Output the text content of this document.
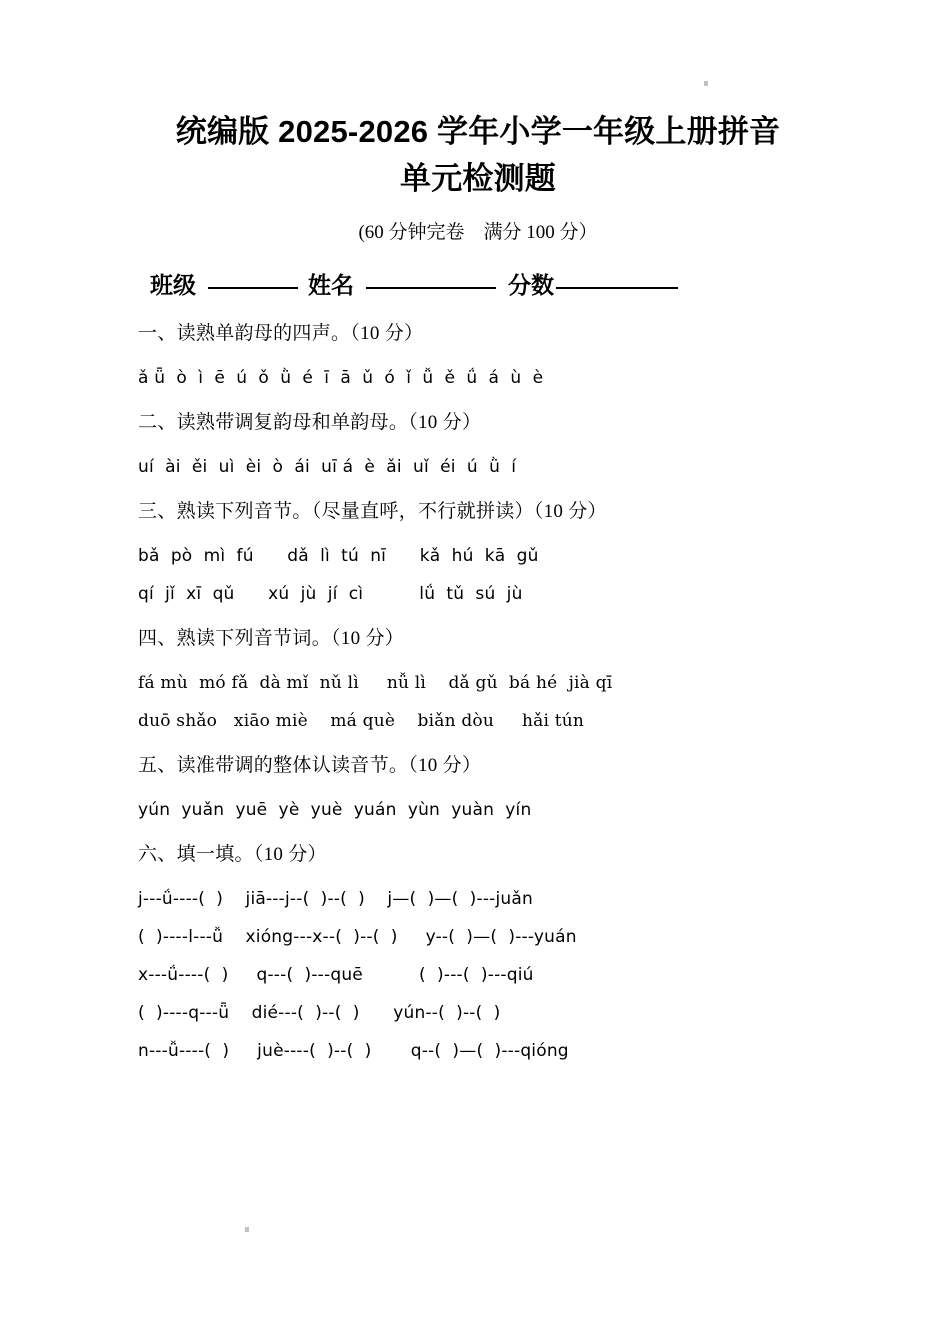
统编版 2025-2026 学年小学一年级上册拼音
单元检测题

(60 分钟完卷　满分 100 分）

班级	姓名	分数

一、读熟单韵母的四声。（10 分）

ǎ ǖ  ò  ì  ē  ú  ǒ  ǜ  é  ī  ā  ǔ  ó  ǐ  ǚ  ě  ǘ  á  ù  è

二、读熟带调复韵母和单韵母。（10 分）

uí  ài  ěi  uì  èi  ò  ái  uī á  è  ǎi  uǐ  éi  ú  ǜ  í

三、熟读下列音节。（尽量直呼，不行就拼读）（10 分）

bǎ  pò  mì  fú      dǎ  lì  tú  nī      kǎ  hú  kā  gǔ

qí  jǐ  xī  qǔ      xú  jù  jí  cì          lǘ  tǔ  sú  jù

四、熟读下列音节词。（10 分）

fá mù  mó fǎ  dà mǐ  nǔ lì     nǚ lì    dǎ gǔ  bá hé  jià qī

duō shǎo   xiāo miè    má què    biǎn dòu     hǎi tún

五、读准带调的整体认读音节。（10 分）

yún  yuǎn  yuē  yè  yuè  yuán  yùn  yuàn  yín

六、填一填。（10 分）

j---ǘ----(  )    jiā---j--(  )--(  )    j—(  )—(  )---juǎn

(  )----l---ǚ    xióng---x--(  )--(  )     y--(  )—(  )---yuán

x---ǘ----(  )     q---(  )---quē          (  )---(  )---qiú

(  )----q---ǖ    dié---(  )--(  )      yún--(  )--(  )

n---ǚ----(  )     juè----(  )--(  )       q--(  )—(  )---qióng
